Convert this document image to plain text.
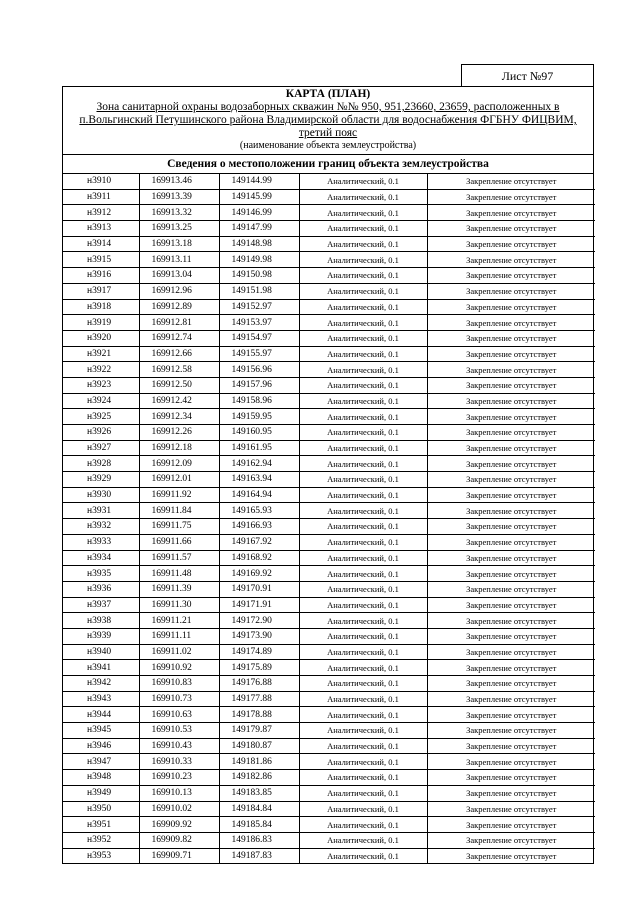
Лист №97
КАРТА (ПЛАН)
Зона санитарной охраны водозаборных скважин №№ 950, 951,23660, 23659, расположенных в
п.Вольгинский Петушинского района Владимирской области для водоснабжения ФГБНУ ФИЦВИМ,
третий пояс
(наименование объекта землеустройства)
Сведения о местоположении границ объекта землеустройства
н3910	169913.46	149144.99	Аналитический, 0.1	Закрепление отсутствует
н3911	169913.39	149145.99	Аналитический, 0.1	Закрепление отсутствует
н3912	169913.32	149146.99	Аналитический, 0.1	Закрепление отсутствует
н3913	169913.25	149147.99	Аналитический, 0.1	Закрепление отсутствует
н3914	169913.18	149148.98	Аналитический, 0.1	Закрепление отсутствует
н3915	169913.11	149149.98	Аналитический, 0.1	Закрепление отсутствует
н3916	169913.04	149150.98	Аналитический, 0.1	Закрепление отсутствует
н3917	169912.96	149151.98	Аналитический, 0.1	Закрепление отсутствует
н3918	169912.89	149152.97	Аналитический, 0.1	Закрепление отсутствует
н3919	169912.81	149153.97	Аналитический, 0.1	Закрепление отсутствует
н3920	169912.74	149154.97	Аналитический, 0.1	Закрепление отсутствует
н3921	169912.66	149155.97	Аналитический, 0.1	Закрепление отсутствует
н3922	169912.58	149156.96	Аналитический, 0.1	Закрепление отсутствует
н3923	169912.50	149157.96	Аналитический, 0.1	Закрепление отсутствует
н3924	169912.42	149158.96	Аналитический, 0.1	Закрепление отсутствует
н3925	169912.34	149159.95	Аналитический, 0.1	Закрепление отсутствует
н3926	169912.26	149160.95	Аналитический, 0.1	Закрепление отсутствует
н3927	169912.18	149161.95	Аналитический, 0.1	Закрепление отсутствует
н3928	169912.09	149162.94	Аналитический, 0.1	Закрепление отсутствует
н3929	169912.01	149163.94	Аналитический, 0.1	Закрепление отсутствует
н3930	169911.92	149164.94	Аналитический, 0.1	Закрепление отсутствует
н3931	169911.84	149165.93	Аналитический, 0.1	Закрепление отсутствует
н3932	169911.75	149166.93	Аналитический, 0.1	Закрепление отсутствует
н3933	169911.66	149167.92	Аналитический, 0.1	Закрепление отсутствует
н3934	169911.57	149168.92	Аналитический, 0.1	Закрепление отсутствует
н3935	169911.48	149169.92	Аналитический, 0.1	Закрепление отсутствует
н3936	169911.39	149170.91	Аналитический, 0.1	Закрепление отсутствует
н3937	169911.30	149171.91	Аналитический, 0.1	Закрепление отсутствует
н3938	169911.21	149172.90	Аналитический, 0.1	Закрепление отсутствует
н3939	169911.11	149173.90	Аналитический, 0.1	Закрепление отсутствует
н3940	169911.02	149174.89	Аналитический, 0.1	Закрепление отсутствует
н3941	169910.92	149175.89	Аналитический, 0.1	Закрепление отсутствует
н3942	169910.83	149176.88	Аналитический, 0.1	Закрепление отсутствует
н3943	169910.73	149177.88	Аналитический, 0.1	Закрепление отсутствует
н3944	169910.63	149178.88	Аналитический, 0.1	Закрепление отсутствует
н3945	169910.53	149179.87	Аналитический, 0.1	Закрепление отсутствует
н3946	169910.43	149180.87	Аналитический, 0.1	Закрепление отсутствует
н3947	169910.33	149181.86	Аналитический, 0.1	Закрепление отсутствует
н3948	169910.23	149182.86	Аналитический, 0.1	Закрепление отсутствует
н3949	169910.13	149183.85	Аналитический, 0.1	Закрепление отсутствует
н3950	169910.02	149184.84	Аналитический, 0.1	Закрепление отсутствует
н3951	169909.92	149185.84	Аналитический, 0.1	Закрепление отсутствует
н3952	169909.82	149186.83	Аналитический, 0.1	Закрепление отсутствует
н3953	169909.71	149187.83	Аналитический, 0.1	Закрепление отсутствует
